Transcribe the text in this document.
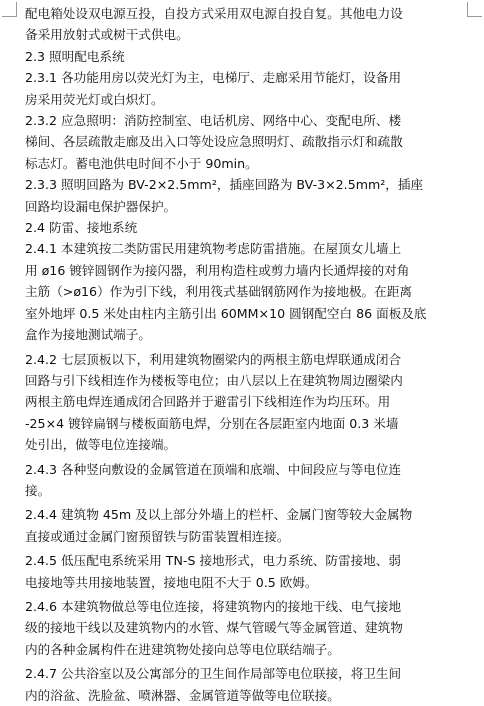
配电箱处设双电源互投，自投方式采用双电源自投自复。其他电力设

备采用放射式或树干式供电。

2.3 照明配电系统

2.3.1 各功能用房以荧光灯为主，电梯厅、走廊采用节能灯，设备用

房采用荧光灯或白炽灯。

2.3.2 应急照明：消防控制室、电话机房、网络中心、变配电所、楼

梯间、各层疏散走廊及出入口等处设应急照明灯、疏散指示灯和疏散

标志灯。蓄电池供电时间不小于 90min。

2.3.3 照明回路为 BV-2×2.5mm²，插座回路为 BV-3×2.5mm²，插座

回路均设漏电保护器保护。

2.4 防雷、接地系统

2.4.1 本建筑按二类防雷民用建筑物考虑防雷措施。在屋顶女儿墙上

用 ø16 镀锌圆钢作为接闪器，利用构造柱或剪力墙内长通焊接的对角

主筋（>ø16）作为引下线，利用筏式基础钢筋网作为接地极。在距离

室外地坪 0.5 米处由柱内主筋引出 60MM×10 圆钢配空白 86 面板及底

盒作为接地测试端子。

2.4.2 七层顶板以下，利用建筑物圈梁内的两根主筋电焊联通成闭合

回路与引下线相连作为楼板等电位；由八层以上在建筑物周边圈梁内

两根主筋电焊连通成闭合回路并于避雷引下线相连作为均压环。用

-25×4 镀锌扁钢与楼板面筋电焊，分别在各层距室内地面 0.3 米墙

处引出，做等电位连接端。

2.4.3 各种竖向敷设的金属管道在顶端和底端、中间段应与等电位连

接。

2.4.4 建筑物 45m 及以上部分外墙上的栏杆、金属门窗等较大金属物

直接或通过金属门窗预留铁与防雷装置相连接。

2.4.5 低压配电系统采用 TN-S 接地形式，电力系统、防雷接地、弱

电接地等共用接地装置，接地电阻不大于 0.5 欧姆。

2.4.6 本建筑物做总等电位连接，将建筑物内的接地干线、电气接地

级的接地干线以及建筑物内的水管、煤气管暖气等金属管道、建筑物

内的各种金属构件在进建筑物处接向总等电位联结端子。

2.4.7 公共浴室以及公寓部分的卫生间作局部等电位联接，将卫生间

内的浴盆、洗脸盆、喷淋器、金属管道等做等电位联接。
